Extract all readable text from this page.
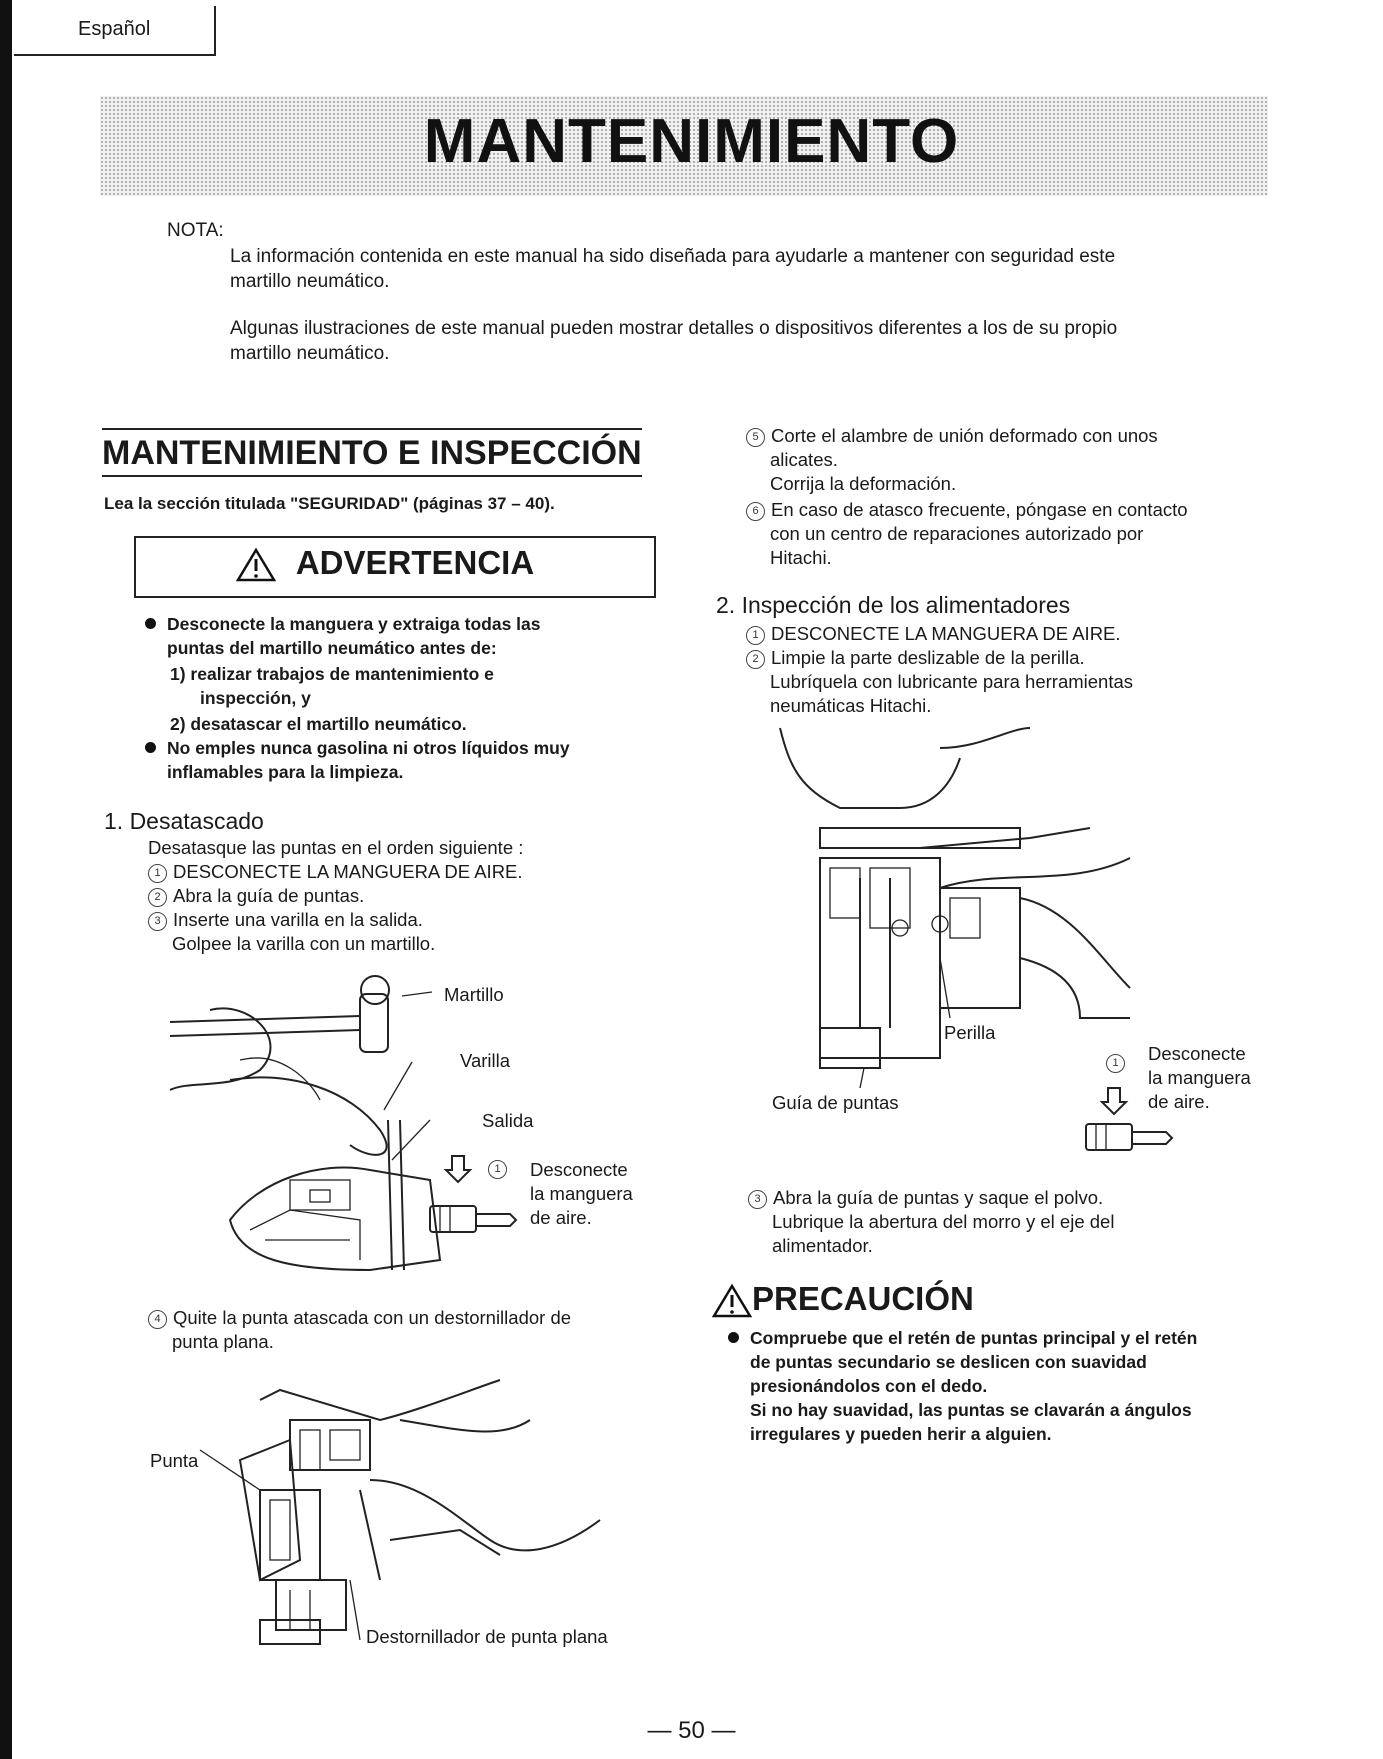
Español
MANTENIMIENTO
NOTA:
La información contenida en este manual ha sido diseñada para ayudarle a mantener con seguridad este
martillo neumático.
Algunas ilustraciones de este manual pueden mostrar detalles o dispositivos diferentes a los de su propio
martillo neumático.
MANTENIMIENTO E INSPECCIÓN
Lea la sección titulada "SEGURIDAD" (páginas 37 – 40).
ADVERTENCIA
Desconecte la manguera y extraiga todas las
puntas del martillo neumático antes de:
1) realizar trabajos de mantenimiento e
inspección, y
2) desatascar el martillo neumático.
No emples nunca gasolina ni otros líquidos muy
inflamables para la limpieza.
1. Desatascado
Desatasque las puntas en el orden siguiente :
1 DESCONECTE LA MANGUERA DE AIRE.
2 Abra la guía de puntas.
3 Inserte una varilla en la salida.
Golpee la varilla con un martillo.
Martillo
Varilla
Salida
1	Desconecte
la manguera
de aire.
4 Quite la punta atascada con un destornillador de
punta plana.
Punta
Destornillador de punta plana
5 Corte el alambre de unión deformado con unos
alicates.
Corrija la deformación.
6 En caso de atasco frecuente, póngase en contacto
con un centro de reparaciones autorizado por
Hitachi.
2. Inspección de los alimentadores
1 DESCONECTE LA MANGUERA DE AIRE.
2 Limpie la parte deslizable de la perilla.
Lubríquela con lubricante para herramientas
neumáticas Hitachi.
Perilla
Guía de puntas
1	Desconecte
la manguera
de aire.
3 Abra la guía de puntas y saque el polvo.
Lubrique la abertura del morro y el eje del
alimentador.
PRECAUCIÓN
Compruebe que el retén de puntas principal y el retén
de puntas secundario se deslicen con suavidad
presionándolos con el dedo.
Si no hay suavidad, las puntas se clavarán a ángulos
irregulares y pueden herir a alguien.
— 50 —
